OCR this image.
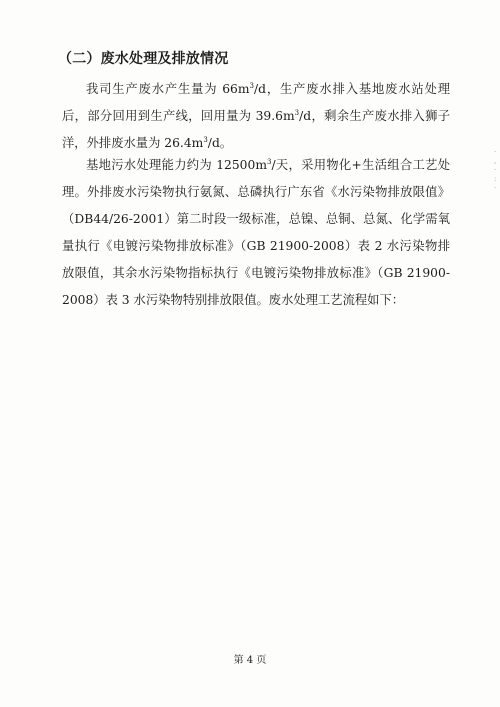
（二）废水处理及排放情况

我司生产废水产生量为 $66m^3/d$，生产废水排入基地废水站处理后，部分回用到生产线，回用量为 $39.6m^3/d$，剩余生产废水排入狮子洋，外排废水量为 $26.4m^3/d$。

基地污水处理能力约为 $12500m^3/$天，采用物化+生活组合工艺处理。外排废水污染物执行氨氮、总磷执行广东省《水污染物排放限值》（DB44/26-2001）第二时段一级标准，总镍、总铜、总氮、化学需氧量执行《电镀污染物排放标准》（GB 21900-2008）表 2 水污染物排放限值，其余水污染物指标执行《电镀污染物排放标准》（GB 21900-2008）表 3 水污染物特别排放限值。废水处理工艺流程如下：

·
,
·
:
·
第 4 页
